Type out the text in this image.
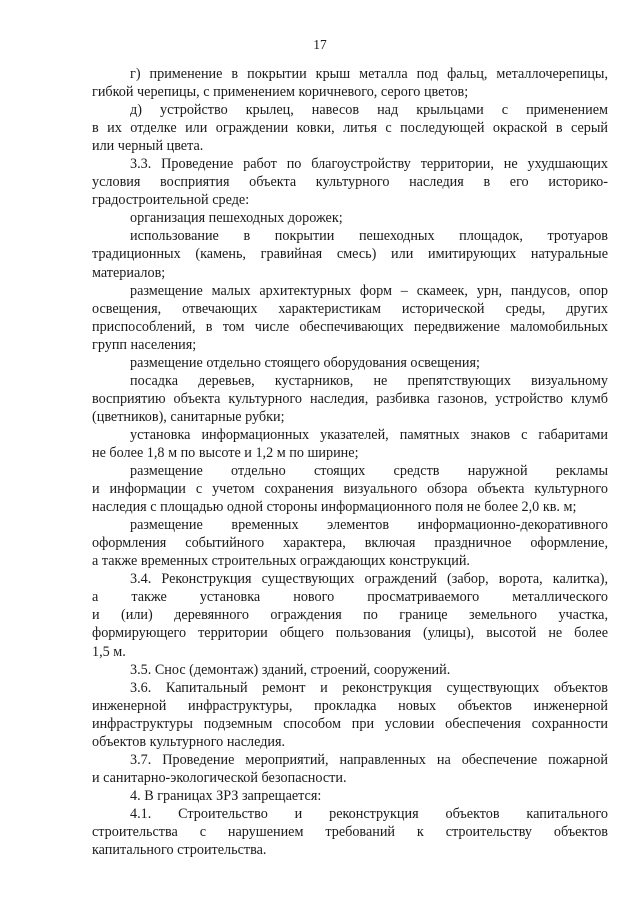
17

г) применение в покрытии крыш металла под фальц, металлочерепицы,

гибкой черепицы, с применением коричневого, серого цветов;

д) устройство крылец, навесов над крыльцами с применением

в их отделке или ограждении ковки, литья с последующей окраской в серый

или черный цвета.

3.3. Проведение работ по благоустройству территории, не ухудшающих

условия восприятия объекта культурного наследия в его историко-

градостроительной среде:

организация пешеходных дорожек;

использование в покрытии пешеходных площадок, тротуаров

традиционных (камень, гравийная смесь) или имитирующих натуральные

материалов;

размещение малых архитектурных форм – скамеек, урн, пандусов, опор

освещения, отвечающих характеристикам исторической среды, других

приспособлений, в том числе обеспечивающих передвижение маломобильных

групп населения;

размещение отдельно стоящего оборудования освещения;

посадка деревьев, кустарников, не препятствующих визуальному

восприятию объекта культурного наследия, разбивка газонов, устройство клумб

(цветников), санитарные рубки;

установка информационных указателей, памятных знаков с габаритами

не более 1,8 м по высоте и 1,2 м по ширине;

размещение отдельно стоящих средств наружной рекламы

и информации с учетом сохранения визуального обзора объекта культурного

наследия с площадью одной стороны информационного поля не более 2,0 кв. м;

размещение временных элементов информационно-декоративного

оформления событийного характера, включая праздничное оформление,

а также временных строительных ограждающих конструкций.

3.4. Реконструкция существующих ограждений (забор, ворота, калитка),

а также установка нового просматриваемого металлического

и (или) деревянного ограждения по границе земельного участка,

формирующего территории общего пользования (улицы), высотой не более

1,5 м.

3.5. Снос (демонтаж) зданий, строений, сооружений.

3.6. Капитальный ремонт и реконструкция существующих объектов

инженерной инфраструктуры, прокладка новых объектов инженерной

инфраструктуры подземным способом при условии обеспечения сохранности

объектов культурного наследия.

3.7. Проведение мероприятий, направленных на обеспечение пожарной

и санитарно-экологической безопасности.

4. В границах ЗРЗ запрещается:

4.1. Строительство и реконструкция объектов капитального

строительства с нарушением требований к строительству объектов

капитального строительства.
